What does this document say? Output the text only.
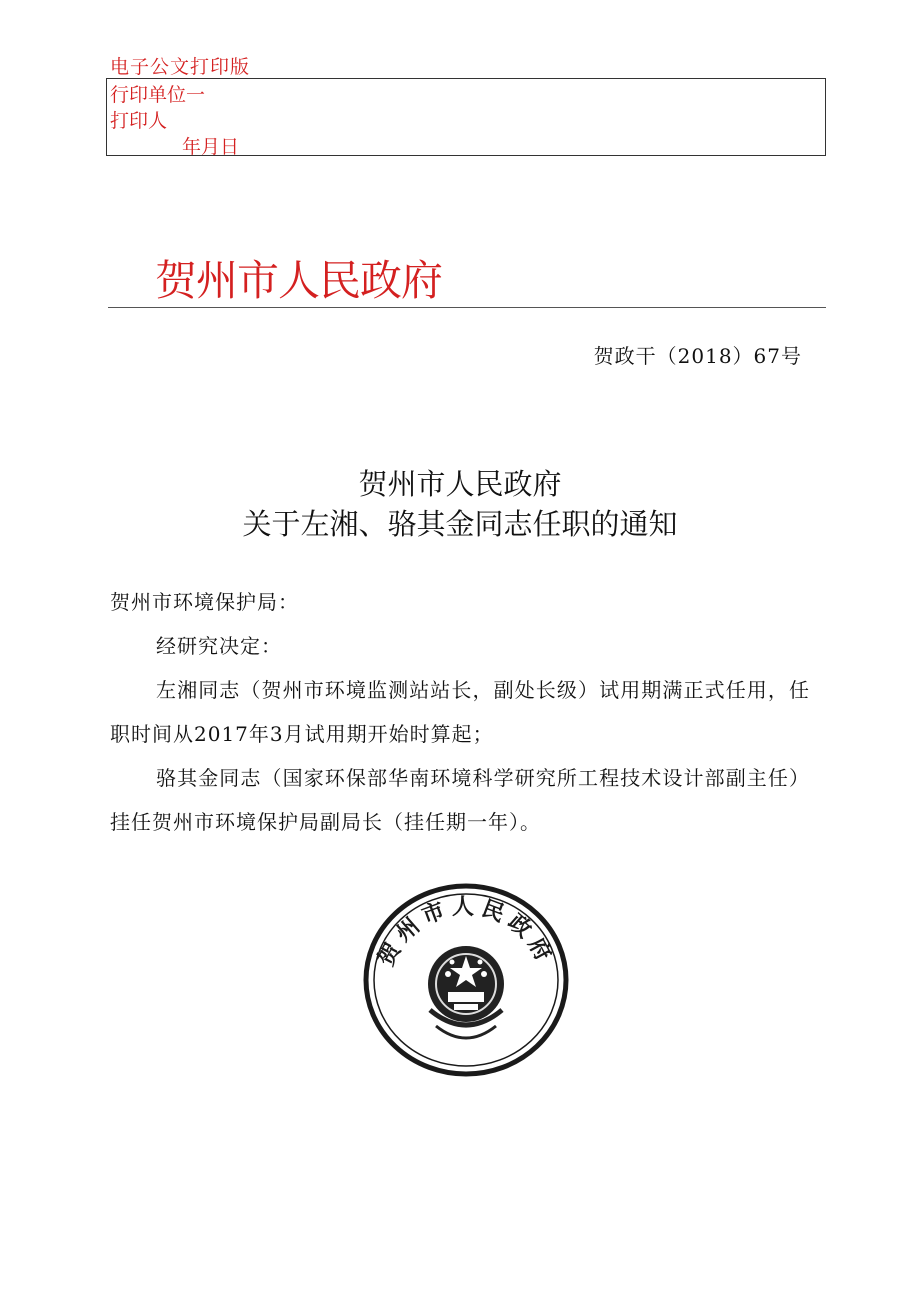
电子公文打印版
行印单位一
打印人
年月日
贺州市人民政府
贺政干（2018）67号
贺州市人民政府
关于左湘、骆其金同志任职的通知
贺州市环境保护局：
经研究决定：
左湘同志（贺州市环境监测站站长，副处长级）试用期满正式任用，任职时间从2017年3月试用期开始时算起；
骆其金同志（国家环保部华南环境科学研究所工程技术设计部副主任）挂任贺州市环境保护局副局长（挂任期一年）。
贺州市人民政府
